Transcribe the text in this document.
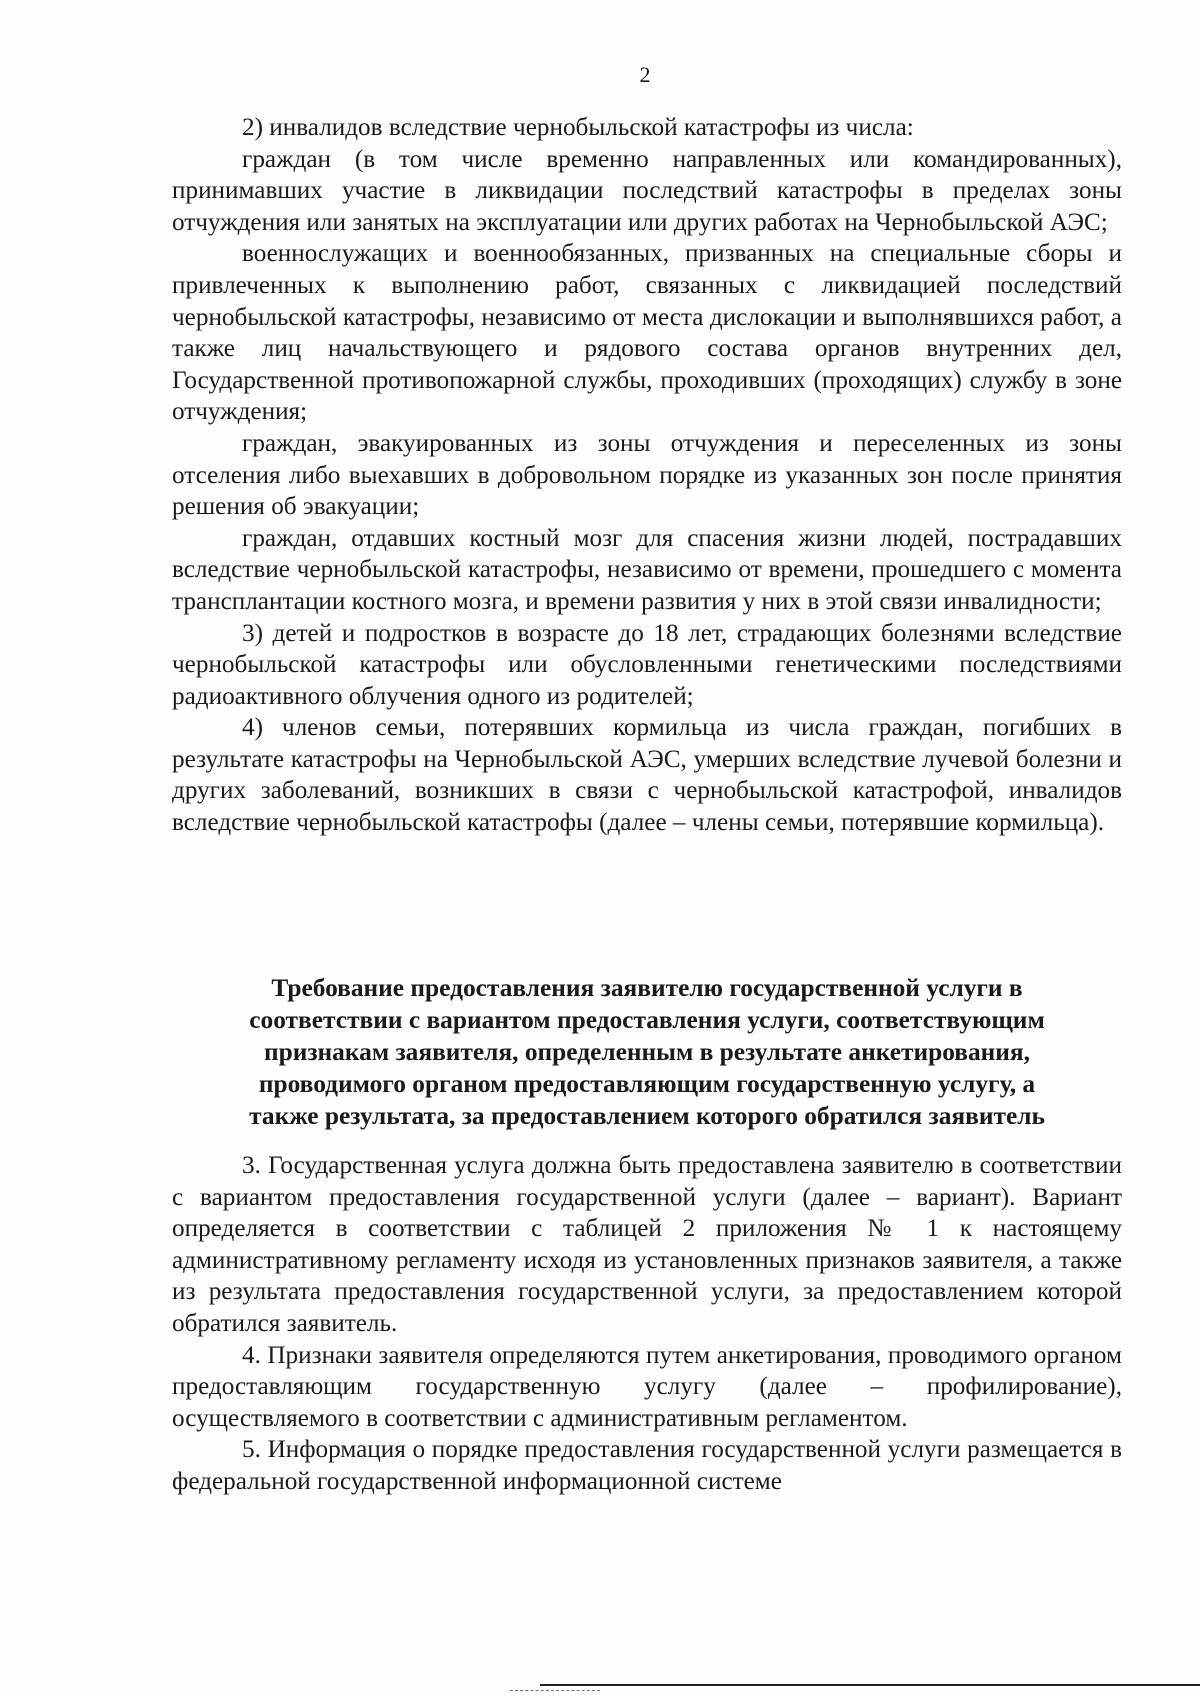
2

2) инвалидов вследствие чернобыльской катастрофы из числа:

граждан (в том числе временно направленных или командированных), принимавших участие в ликвидации последствий катастрофы в пределах зоны отчуждения или занятых на эксплуатации или других работах на Чернобыльской АЭС;

военнослужащих и военнообязанных, призванных на специальные сборы и привлеченных к выполнению работ, связанных с ликвидацией последствий чернобыльской катастрофы, независимо от места дислокации и выполнявшихся работ, а также лиц начальствующего и рядового состава органов внутренних дел, Государственной противопожарной службы, проходивших (проходящих) службу в зоне отчуждения;

граждан, эвакуированных из зоны отчуждения и переселенных из зоны отселения либо выехавших в добровольном порядке из указанных зон после принятия решения об эвакуации;

граждан, отдавших костный мозг для спасения жизни людей, пострадавших вследствие чернобыльской катастрофы, независимо от времени, прошедшего с момента трансплантации костного мозга, и времени развития у них в этой связи инвалидности;

3) детей и подростков в возрасте до 18 лет, страдающих болезнями вследствие чернобыльской катастрофы или обусловленными генетическими последствиями радиоактивного облучения одного из родителей;

4) членов семьи, потерявших кормильца из числа граждан, погибших в результате катастрофы на Чернобыльской АЭС, умерших вследствие лучевой болезни и других заболеваний, возникших в связи с чернобыльской катастрофой, инвалидов вследствие чернобыльской катастрофы (далее – члены семьи, потерявшие кормильца).

Требование предоставления заявителю государственной услуги в
соответствии с вариантом предоставления услуги, соответствующим
признакам заявителя, определенным в результате анкетирования,
проводимого органом предоставляющим государственную услугу, а
также результата, за предоставлением которого обратился заявитель

3. Государственная услуга должна быть предоставлена заявителю в соответствии с вариантом предоставления государственной услуги (далее – вариант). Вариант определяется в соответствии с таблицей 2 приложения № 1 к настоящему административному регламенту исходя из установленных признаков заявителя, а также из результата предоставления государственной услуги, за предоставлением которой обратился заявитель.

4. Признаки заявителя определяются путем анкетирования, проводимого органом предоставляющим государственную услугу (далее – профилирование), осуществляемого в соответствии с административным регламентом.

5. Информация о порядке предоставления государственной услуги размещается в федеральной государственной информационной системе
